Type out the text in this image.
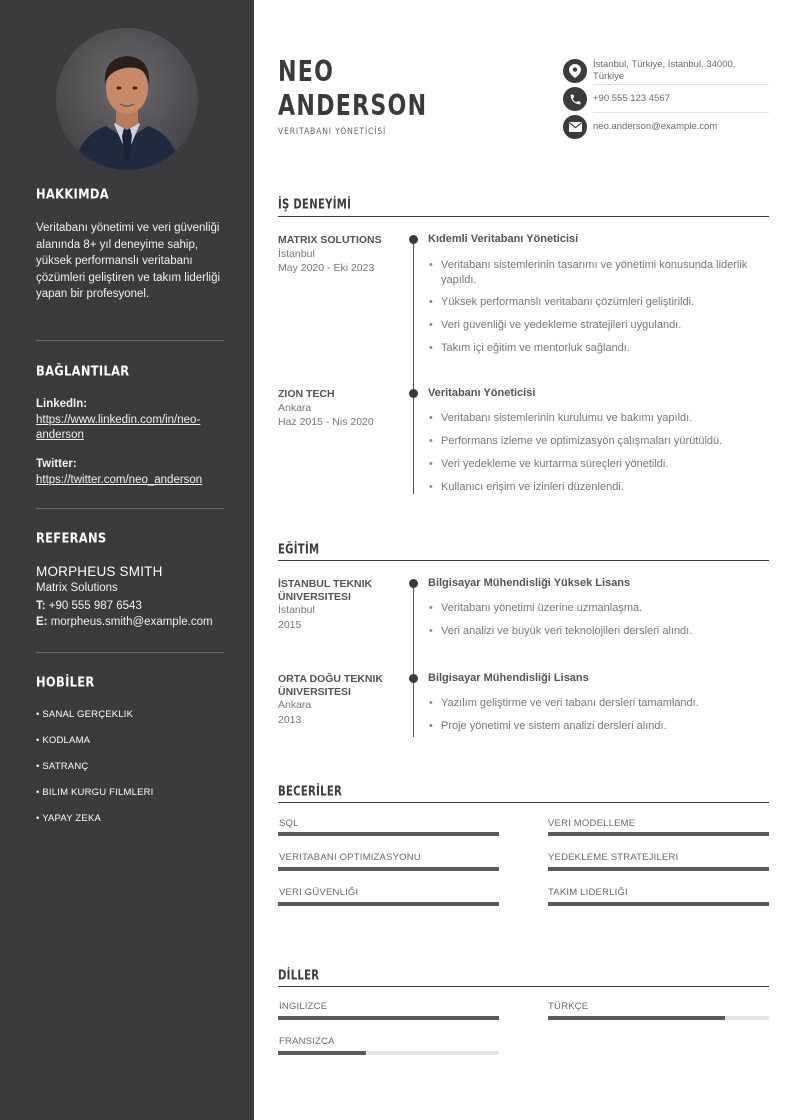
HAKKIMDA
Veritabanı yönetimi ve veri güvenliği alanında 8+ yıl deneyime sahip, yüksek performanslı veritabanı çözümleri geliştiren ve takım liderliği yapan bir profesyonel.
BAĞLANTILAR
LinkedIn:
https://www.linkedin.com/in/neo-anderson
Twitter:
https://twitter.com/neo_anderson
REFERANS
MORPHEUS SMITH
Matrix Solutions
T: +90 555 987 6543
E: morpheus.smith@example.com
HOBİLER
• SANAL GERÇEKLIK
• KODLAMA
• SATRANÇ
• BILIM KURGU FILMLERI
• YAPAY ZEKA
NEO
ANDERSON
VERITABANI YÖNETİCİSİ
İstanbul, Türkiye, İstanbul, 34000, Türkiye
+90 555 123 4567
neo.anderson@example.com
İŞ DENEYİMİ
MATRIX SOLUTIONS
İstanbul
May 2020 - Eki 2023
Kıdemli Veritabanı Yöneticisi
• Veritabanı sistemlerinin tasarımı ve yönetimi konusunda liderlik yapıldı.
• Yüksek performanslı veritabanı çözümleri geliştirildi.
• Veri güvenliği ve yedekleme stratejileri uygulandı.
• Takım içi eğitim ve mentorluk sağlandı.
ZION TECH
Ankara
Haz 2015 - Nis 2020
Veritabanı Yöneticisi
• Veritabanı sistemlerinin kurulumu ve bakımı yapıldı.
• Performans izleme ve optimizasyon çalışmaları yürütüldü.
• Veri yedekleme ve kurtarma süreçleri yönetildi.
• Kullanıcı erişim ve izinleri düzenlendi.
EĞİTİM
İSTANBUL TEKNIK ÜNIVERSITESI
İstanbul
2015
Bilgisayar Mühendisliği Yüksek Lisans
• Veritabanı yönetimi üzerine uzmanlaşma.
• Veri analizi ve büyük veri teknolojileri dersleri alındı.
ORTA DOĞU TEKNIK ÜNIVERSITESI
Ankara
2013
Bilgisayar Mühendisliği Lisans
• Yazılım geliştirme ve veri tabanı dersleri tamamlandı.
• Proje yönetimi ve sistem analizi dersleri alındı.
BECERİLER
SQL	VERI MODELLEME
VERITABANI OPTIMIZASYONU	YEDEKLEME STRATEJILERI
VERI GÜVENLIĞI	TAKIM LIDERLIĞI
DİLLER
İNGILIZCE	TÜRKÇE
FRANSIZCA
